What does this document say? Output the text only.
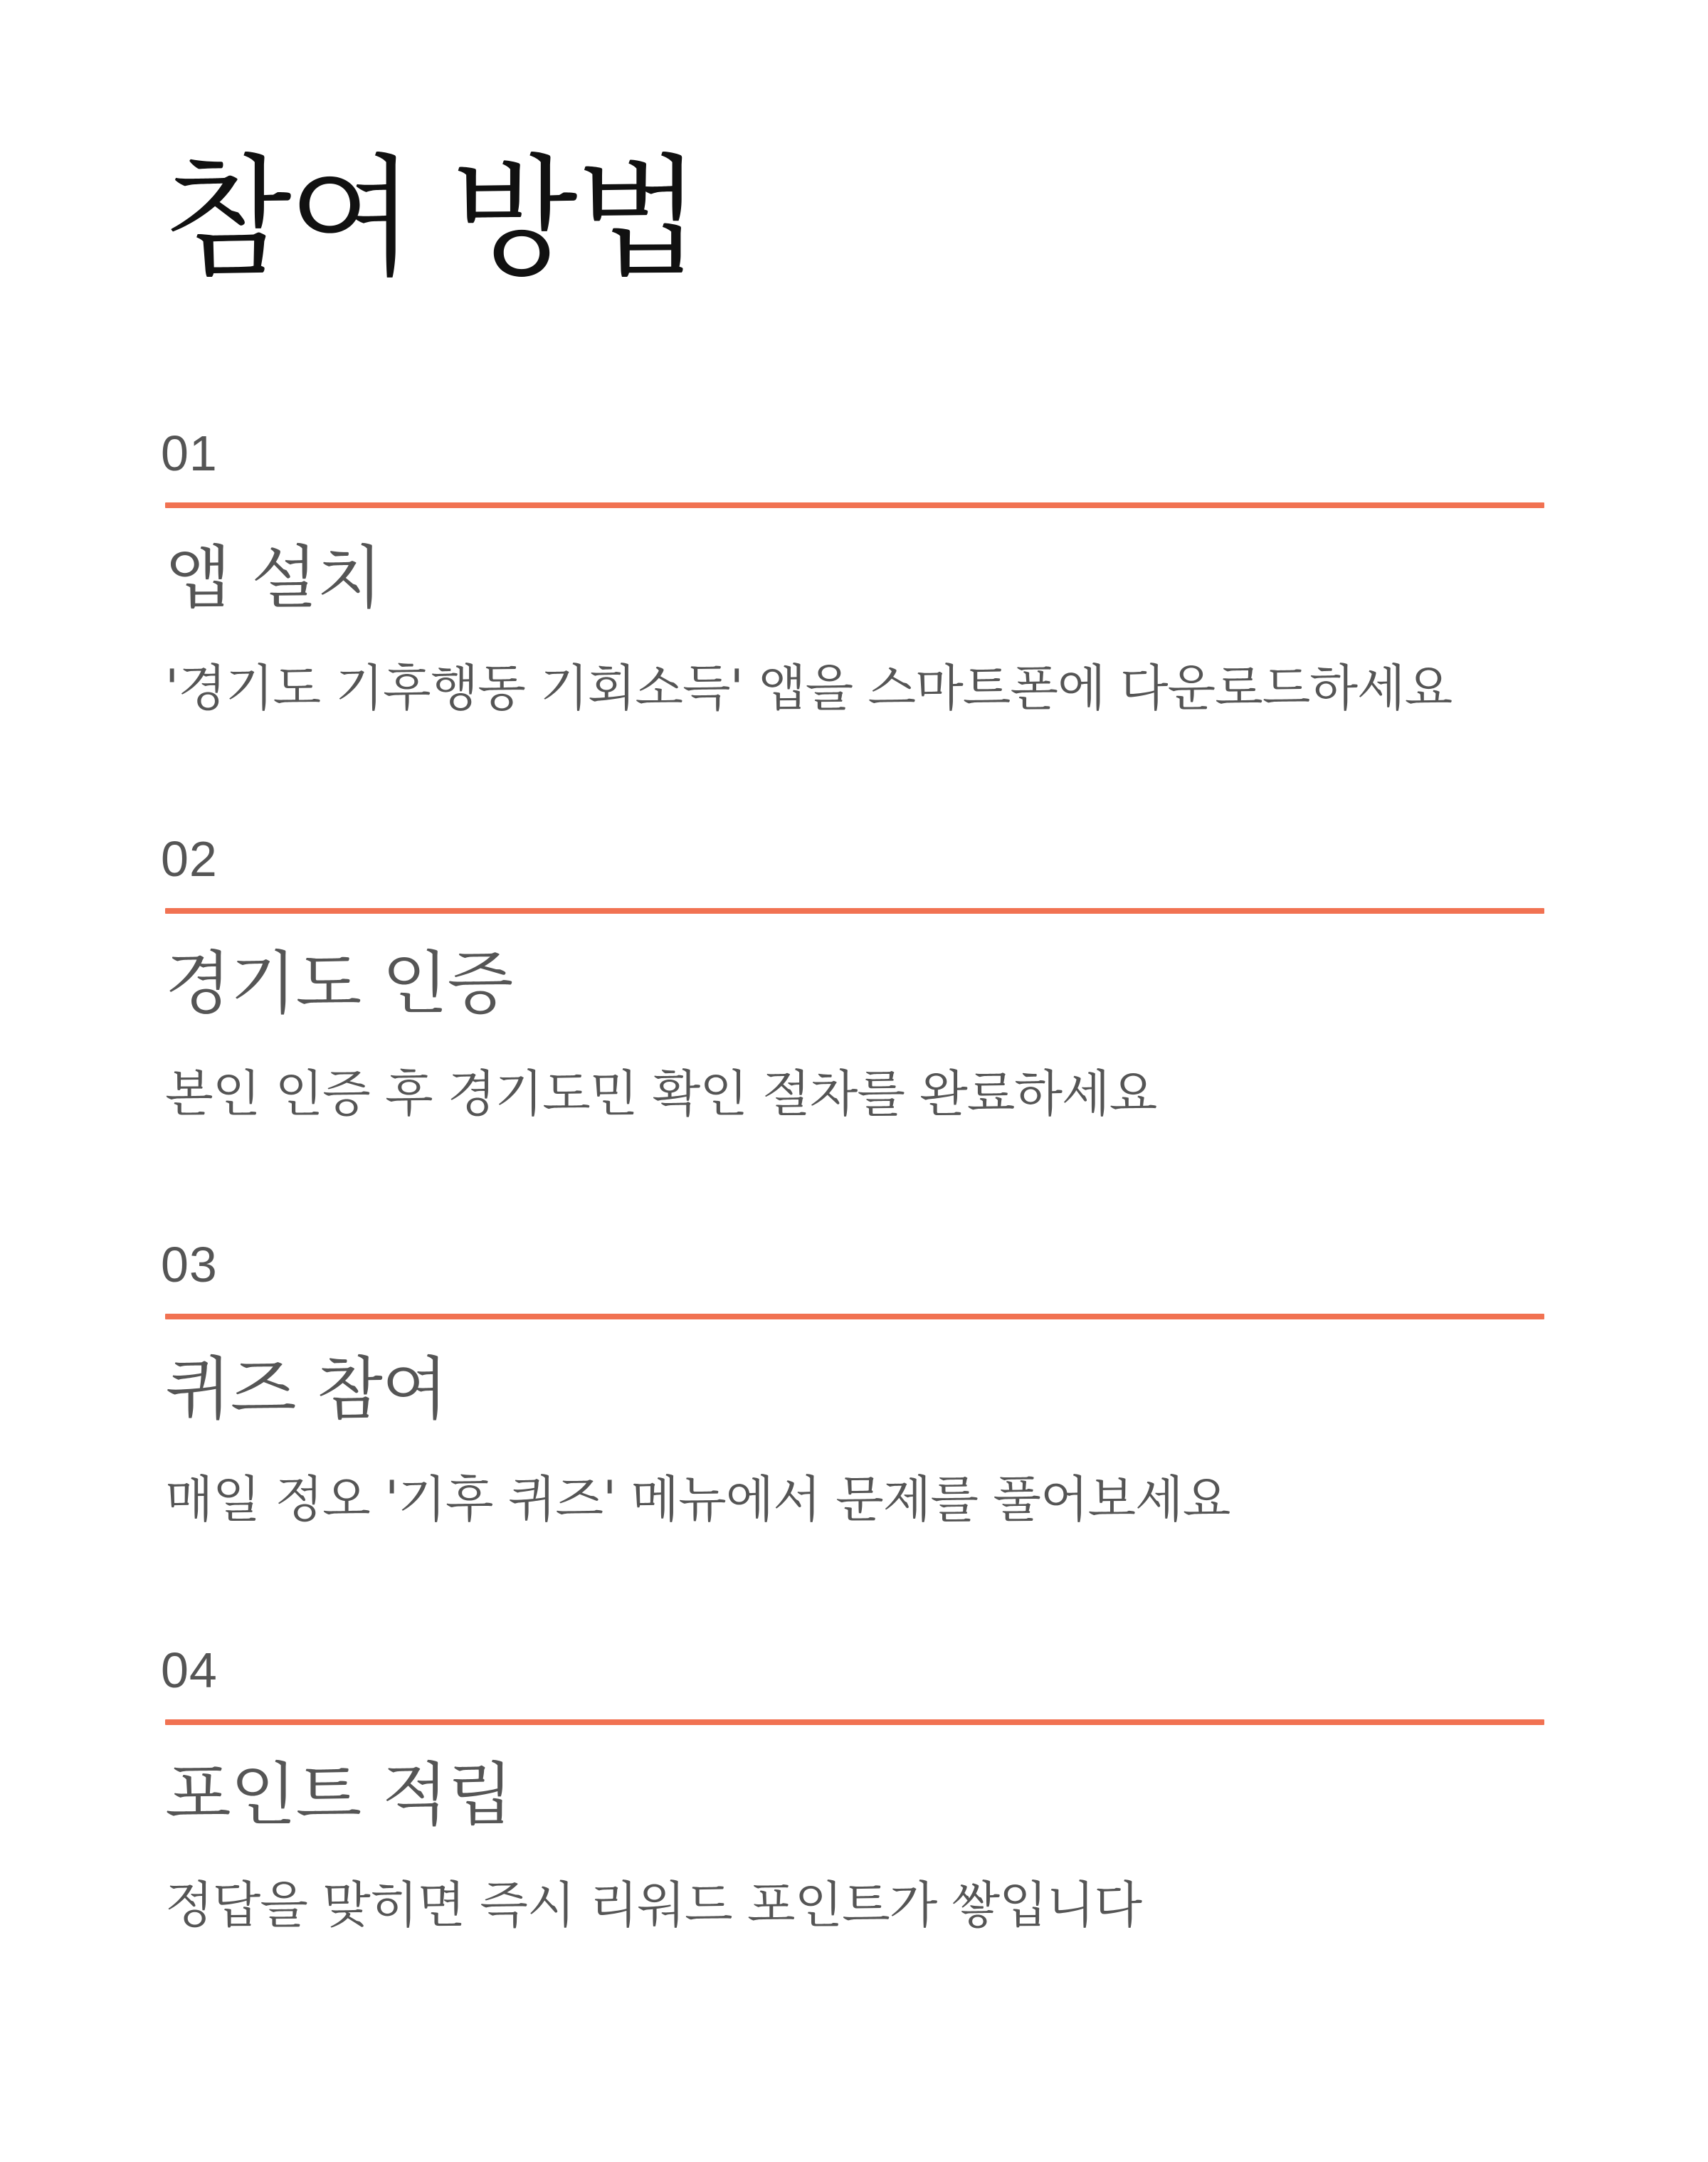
참여 방법
01
앱 설치

'경기도 기후행동 기회소득' 앱을 스마트폰에 다운로드하세요

02
경기도 인증

본인 인증 후 경기도민 확인 절차를 완료하세요

03
퀴즈 참여

매일 정오 '기후 퀴즈' 메뉴에서 문제를 풀어보세요

04
포인트 적립

정답을 맞히면 즉시 리워드 포인트가 쌓입니다
